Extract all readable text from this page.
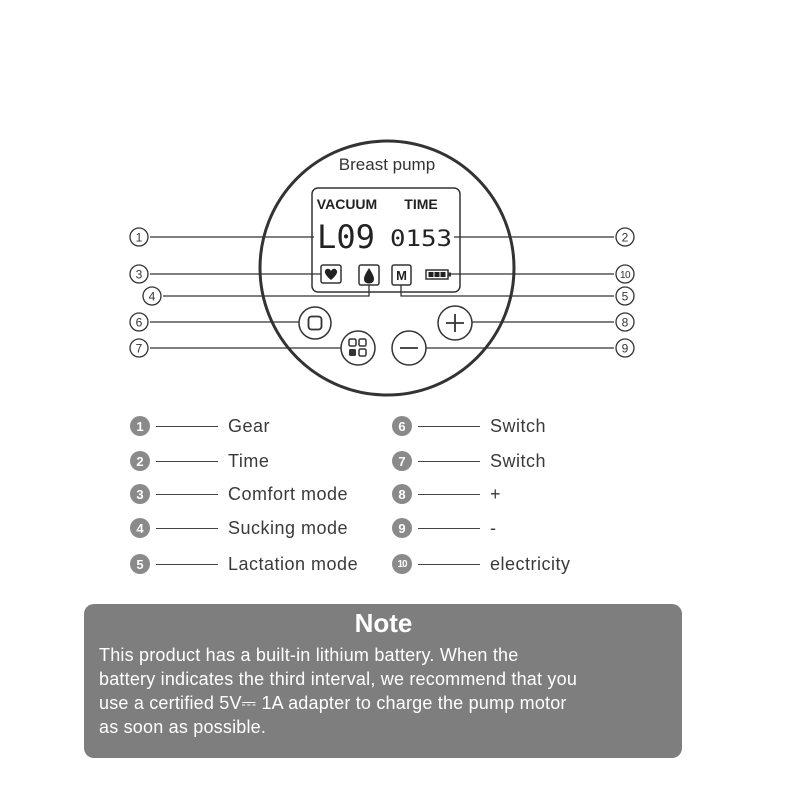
Breast pump
VACUUM TIME
L09 0153
M
1	2
3
4	5
6
7
8
9
10
1	Gear
2	Time
3	Comfort mode
4	Sucking mode
5	Lactation mode
6	Switch
7	Switch
8	+
9	-
10	electricity
Note
This product has a built-in lithium battery. When the
battery indicates the third interval, we recommend that you
use a certified 5V⎓ 1A adapter to charge the pump motor
as soon as possible.
